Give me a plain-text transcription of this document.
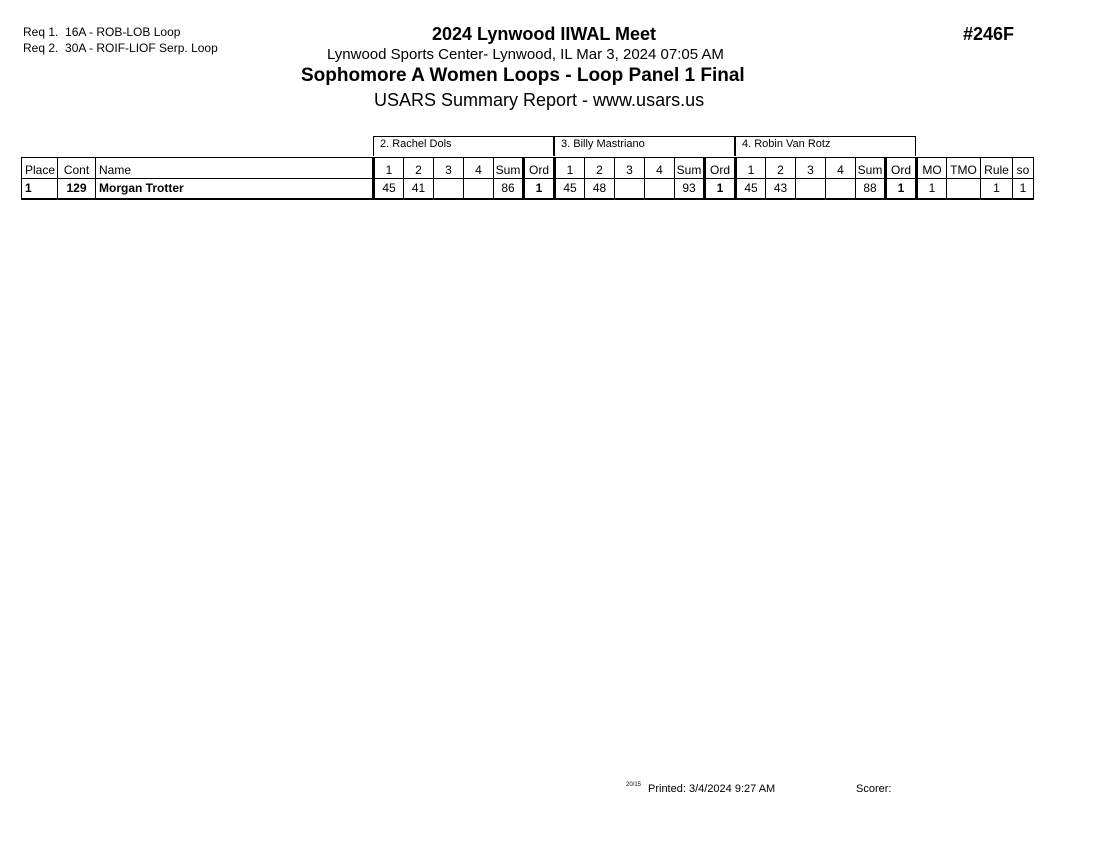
Req 1. 16A - ROB-LOB Loop
Req 2. 30A - ROIF-LIOF Serp. Loop
2024 Lynwood IIWAL Meet
Lynwood Sports Center- Lynwood, IL Mar 3, 2024 07:05 AM
Sophomore A Women Loops - Loop Panel 1 Final
USARS Summary Report - www.usars.us
#246F
2. Rachel Dols	3. Billy Mastriano	4. Robin Van Rotz
Place	Cont	Name	1	2	3	4	Sum	Ord	1	2	3	4	Sum	Ord	1	2	3	4	Sum	Ord	MO	TMO	Rule	so
1	129	Morgan Trotter	45	41			86	1	45	48			93	1	45	43			88	1	1		1	1
20/15 Printed: 3/4/2024 9:27 AM	Scorer:
